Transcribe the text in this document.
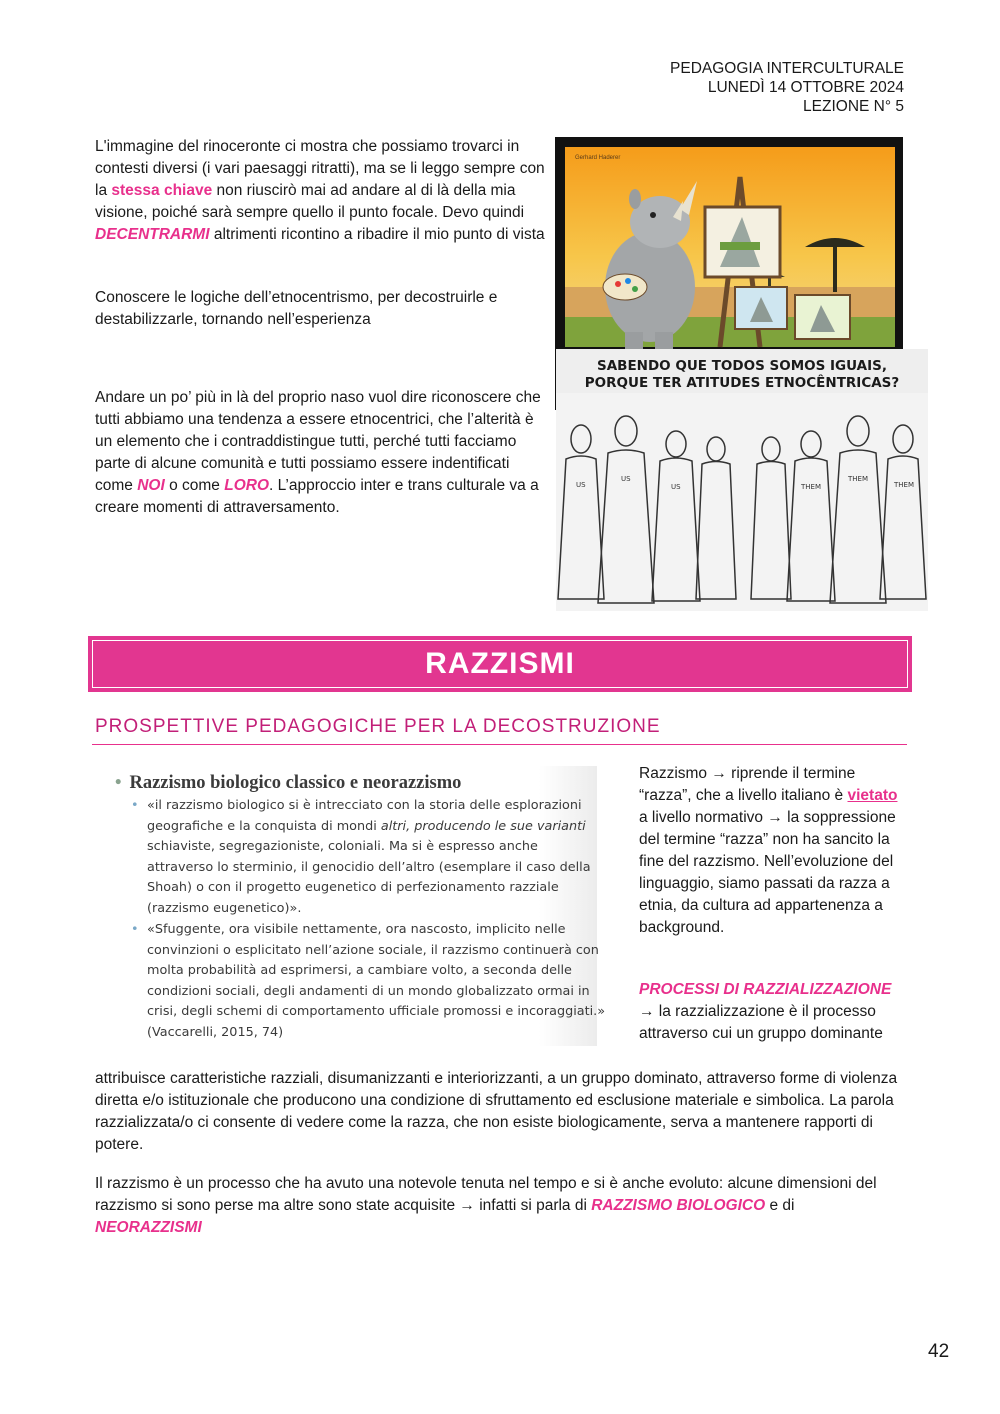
PEDAGOGIA INTERCULTURALE
LUNEDÌ 14 OTTOBRE 2024
LEZIONE N° 5

L'immagine del rinoceronte ci mostra che possiamo trovarci in contesti diversi (i vari paesaggi ritratti), ma se li leggo sempre con la stessa chiave non riuscirò mai ad andare al di là della mia visione, poiché sarà sempre quello il punto focale. Devo quindi DECENTRARMI altrimenti ricontino a ribadire il mio punto di vista

Conoscere le logiche dell’etnocentrismo, per decostruirle e destabilizzarle, tornando nell’esperienza

Andare un po’ più in là del proprio naso vuol dire riconoscere che tutti abbiamo una tendenza a essere etnocentrici, che l’alterità è un elemento che i contraddistingue tutti, perché tutti facciamo parte di alcune comunità e tutti possiamo essere indentificati come NOI o come LORO. L’approccio inter e trans culturale va a creare momenti di attraversamento.

Gerhard Haderer
SABENDO QUE TODOS SOMOS IGUAIS,
PORQUE TER ATITUDES ETNOCÊNTRICAS?
US
US
US	THEM
THEM
THEM
RAZZISMI
PROSPETTIVE PEDAGOGICHE PER LA DECOSTRUZIONE
• Razzismo biologico classico e neorazzismo
• «il razzismo biologico si è intrecciato con la storia delle esplorazioni geografiche e la conquista di mondi altri, producendo le sue varianti schiaviste, segregazioniste, coloniali. Ma si è espresso anche attraverso lo sterminio, il genocidio dell’altro (esemplare il caso della Shoah) o con il progetto eugenetico di perfezionamento razziale (razzismo eugenetico)».
• «Sfuggente, ora visibile nettamente, ora nascosto, implicito nelle convinzioni o esplicitato nell’azione sociale, il razzismo continuerà con molta probabilità ad esprimersi, a cambiare volto, a seconda delle condizioni sociali, degli andamenti di un mondo globalizzato ormai in crisi, degli schemi di comportamento ufficiale promossi e incoraggiati.» (Vaccarelli, 2015, 74)

Razzismo → riprende il termine “razza”, che a livello italiano è vietato a livello normativo → la soppressione del termine “razza” non ha sancito la fine del razzismo. Nell’evoluzione del linguaggio, siamo passati da razza a etnia, da cultura ad appartenenza a background.

PROCESSI DI RAZZIALIZZAZIONE → la razzializzazione è il processo attraverso cui un gruppo dominante

attribuisce caratteristiche razziali, disumanizzanti e interiorizzanti, a un gruppo dominato, attraverso forme di violenza diretta e/o istituzionale che producono una condizione di sfruttamento ed esclusione materiale e simbolica. La parola razzializzata/o ci consente di vedere come la razza, che non esiste biologicamente, serva a mantenere rapporti di potere.

Il razzismo è un processo che ha avuto una notevole tenuta nel tempo e si è anche evoluto: alcune dimensioni del razzismo si sono perse ma altre sono state acquisite → infatti si parla di RAZZISMO BIOLOGICO e di NEORAZZISMI

42
